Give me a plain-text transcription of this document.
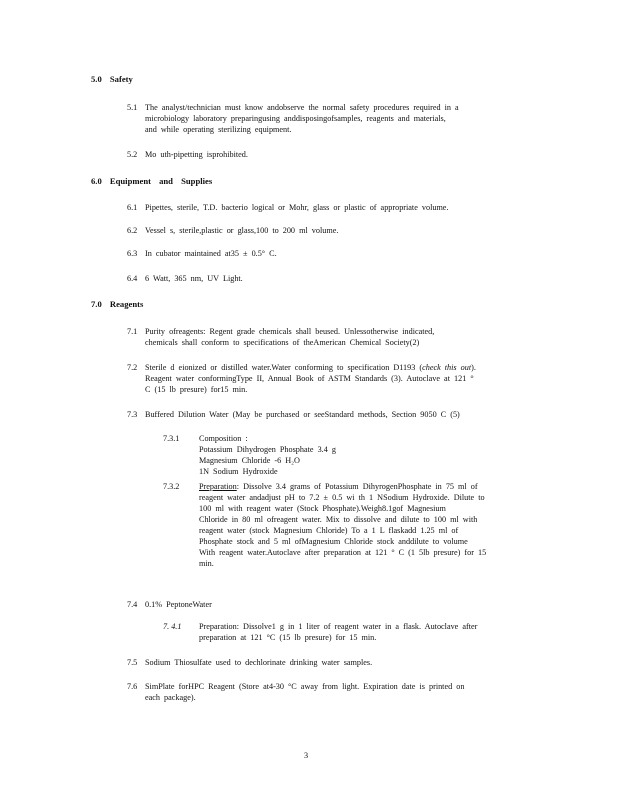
5.0 Safety
5.1 The analyst/technician must know andobserve the normal safety procedures required in a
microbiology laboratory preparingusing anddisposingofsamples, reagents and materials,
and while operating sterilizing equipment.
5.2 Mo uth-pipetting isprohibited.
6.0 Equipment and Supplies
6.1 Pipettes, sterile, T.D. bacterio logical or Mohr, glass or plastic of appropriate volume.
6.2 Vessel s, sterile,plastic or glass,100 to 200 ml volume.
6.3 In cubator maintained at35 ± 0.5° C.
6.4 6 Watt, 365 nm, UV Light.
7.0 Reagents
7.1 Purity ofreagents: Regent grade chemicals shall beused. Unlessotherwise indicated,
chemicals shall conform to specifications of theAmerican Chemical Society(2)
7.2 Sterile d eionized or distilled water.Water conforming to specification D1193 (check this out).
Reagent water conformingType II, Annual Book of ASTM Standards (3). Autoclave at 121 °
C (15 lb presure) for15 min.
7.3 Buffered Dilution Water (May be purchased or seeStandard methods, Section 9050 C (5)
7.3.1 Composition :
Potassium Dihydrogen Phosphate 3.4 g
Magnesium Chloride -6 H₂O
1N Sodium Hydroxide
7.3.2 Preparation: Dissolve 3.4 grams of Potassium DihyrogenPhosphate in 75 ml of
reagent water andadjust pH to 7.2 ± 0.5 wi th 1 NSodium Hydroxide. Dilute to
100 ml with reagent water (Stock Phosphate).Weigh8.1gof Magnesium
Chloride in 80 ml ofreagent water. Mix to dissolve and dilute to 100 ml with
reagent water (stock Magnesium Chloride) To a 1 L flaskadd 1.25 ml of
Phosphate stock and 5 ml ofMagnesium Chloride stock anddilute to volume
With reagent water.Autoclave after preparation at 121 ° C (1 5lb presure) for 15
min.
7.4 0.1% PeptoneWater
7. 4.1 Preparation: Dissolve1 g in 1 liter of reagent water in a flask. Autoclave after
preparation at 121 °C (15 lb presure) for 15 min.
7.5 Sodium Thiosulfate used to dechlorinate drinking water samples.
7.6 SimPlate forHPC Reagent (Store at4-30 °C away from light. Expiration date is printed on
each package).
3
